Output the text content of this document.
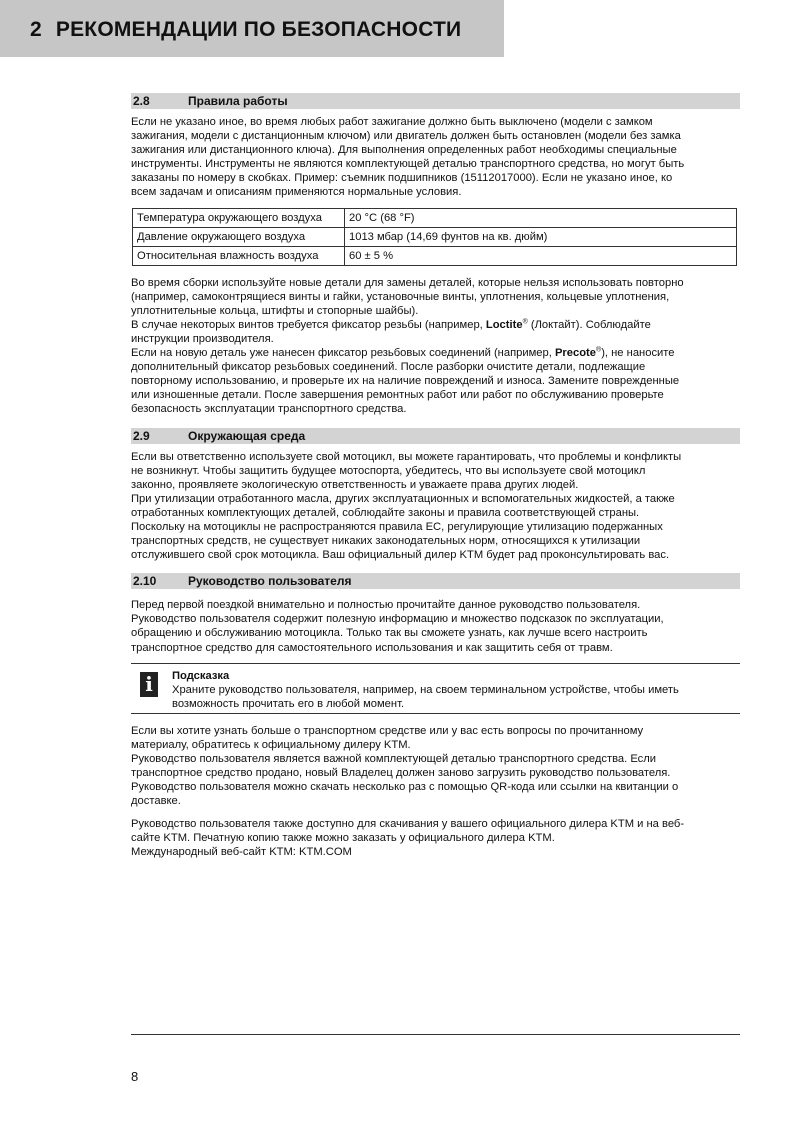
2 РЕКОМЕНДАЦИИ ПО БЕЗОПАСНОСТИ
2.8	Правила работы

Если не указано иное, во время любых работ зажигание должно быть выключено (модели с замком
зажигания, модели с дистанционным ключом) или двигатель должен быть остановлен (модели без замка
зажигания или дистанционного ключа). Для выполнения определенных работ необходимы специальные
инструменты. Инструменты не являются комплектующей деталью транспортного средства, но могут быть
заказаны по номеру в скобках. Пример: съемник подшипников (15112017000). Если не указано иное, ко
всем задачам и описаниям применяются нормальные условия.

Температура окружающего воздуха	20 °C (68 °F)
Давление окружающего воздуха	1013 мбар (14,69 фунтов на кв. дюйм)
Относительная влажность воздуха	60 ± 5 %

Во время сборки используйте новые детали для замены деталей, которые нельзя использовать повторно
(например, самоконтрящиеся винты и гайки, установочные винты, уплотнения, кольцевые уплотнения,
уплотнительные кольца, штифты и стопорные шайбы).
В случае некоторых винтов требуется фиксатор резьбы (например, Loctite® (Локтайт). Соблюдайте
инструкции производителя.
Если на новую деталь уже нанесен фиксатор резьбовых соединений (например, Precote®), не наносите
дополнительный фиксатор резьбовых соединений. После разборки очистите детали, подлежащие
повторному использованию, и проверьте их на наличие повреждений и износа. Замените поврежденные
или изношенные детали. После завершения ремонтных работ или работ по обслуживанию проверьте
безопасность эксплуатации транспортного средства.

2.9	Окружающая среда

Если вы ответственно используете свой мотоцикл, вы можете гарантировать, что проблемы и конфликты
не возникнут. Чтобы защитить будущее мотоспорта, убедитесь, что вы используете свой мотоцикл
законно, проявляете экологическую ответственность и уважаете права других людей.
При утилизации отработанного масла, других эксплуатационных и вспомогательных жидкостей, а также
отработанных комплектующих деталей, соблюдайте законы и правила соответствующей страны.
Поскольку на мотоциклы не распространяются правила ЕС, регулирующие утилизацию подержанных
транспортных средств, не существует никаких законодательных норм, относящихся к утилизации
отслужившего свой срок мотоцикла. Ваш официальный дилер KTM будет рад проконсультировать вас.

2.10	Руководство пользователя

Перед первой поездкой внимательно и полностью прочитайте данное руководство пользователя.
Руководство пользователя содержит полезную информацию и множество подсказок по эксплуатации,
обращению и обслуживанию мотоцикла. Только так вы сможете узнать, как лучше всего настроить
транспортное средство для самостоятельного использования и как защитить себя от травм.

i	Подсказка
Храните руководство пользователя, например, на своем терминальном устройстве, чтобы иметь
возможность прочитать его в любой момент.

Если вы хотите узнать больше о транспортном средстве или у вас есть вопросы по прочитанному
материалу, обратитесь к официальному дилеру KTM.
Руководство пользователя является важной комплектующей деталью транспортного средства. Если
транспортное средство продано, новый Владелец должен заново загрузить руководство пользователя.
Руководство пользователя можно скачать несколько раз с помощью QR-кода или ссылки на квитанции о
доставке.

Руководство пользователя также доступно для скачивания у вашего официального дилера KTM и на веб-
сайте KTM. Печатную копию также можно заказать у официального дилера KTM.
Международный веб-сайт KTM: KTM.COM

8
